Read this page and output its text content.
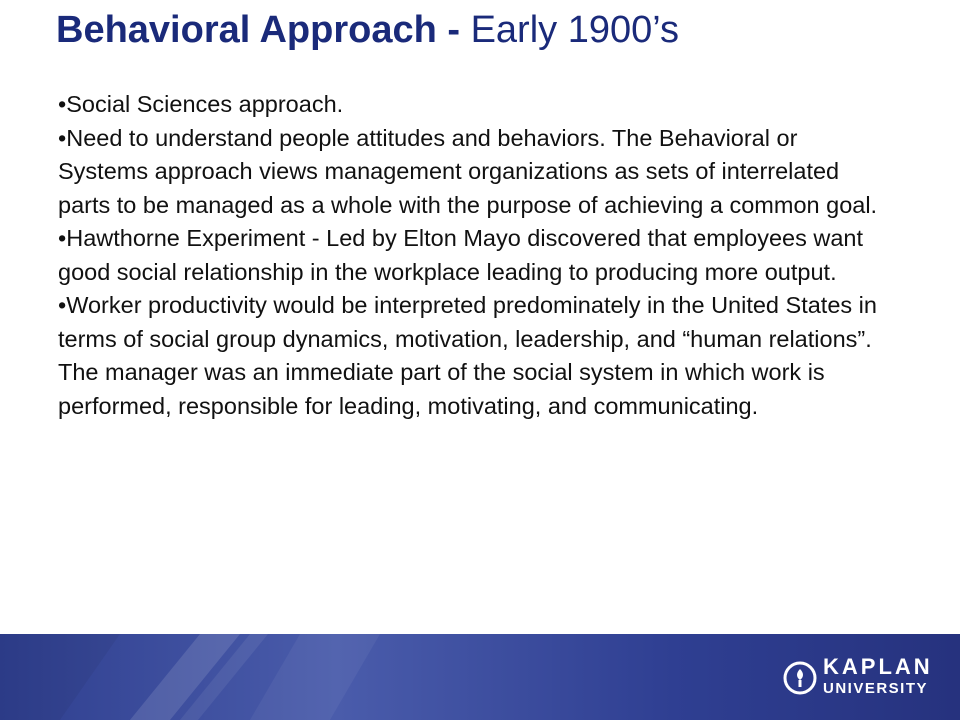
Behavioral Approach - Early 1900’s

•Social Sciences approach.

•Need to understand people attitudes and behaviors. The Behavioral or Systems approach views management organizations as sets of interrelated parts to be managed as a whole with the purpose of achieving a common goal.

•Hawthorne Experiment - Led by Elton Mayo discovered that employees want good social relationship in the workplace leading to producing more output.

•Worker productivity would be interpreted predominately in the United States in terms of social group dynamics, motivation, leadership, and “human relations”. The manager was an immediate part of the social system in which work is performed, responsible for leading, motivating, and communicating.

KAPLAN
UNIVERSITY
